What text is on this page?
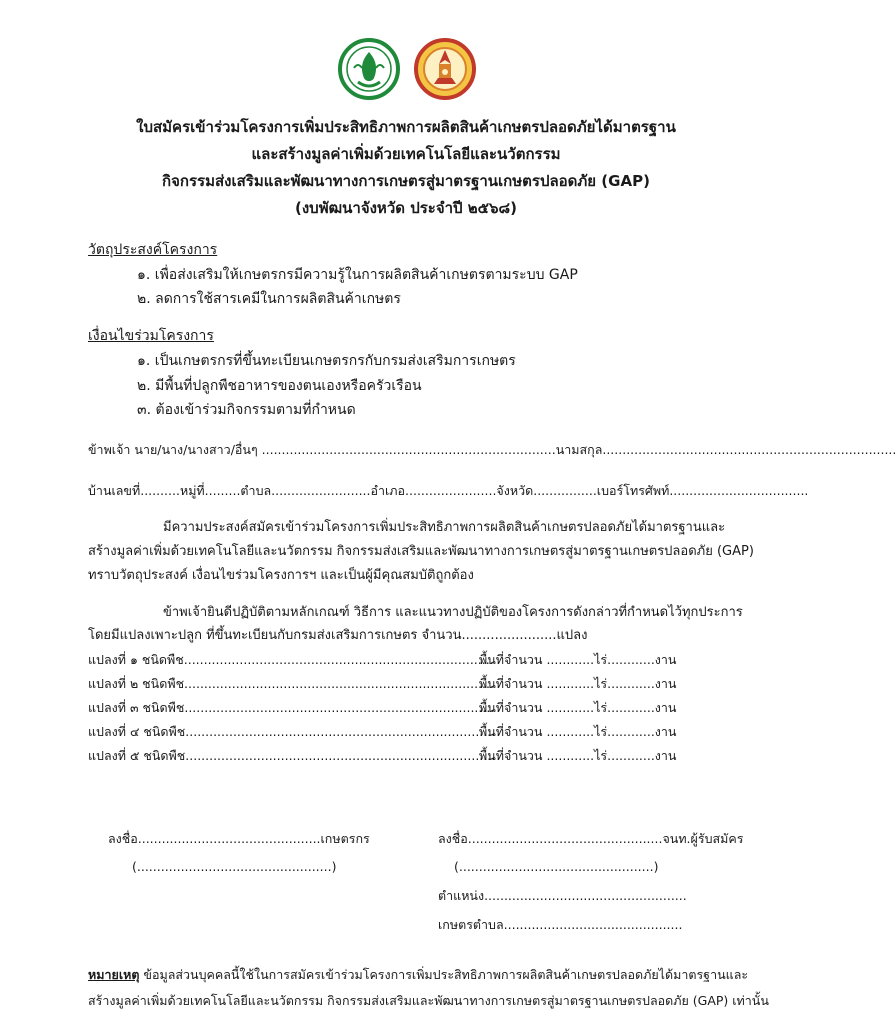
ใบสมัครเข้าร่วมโครงการเพิ่มประสิทธิภาพการผลิตสินค้าเกษตรปลอดภัยได้มาตรฐาน
และสร้างมูลค่าเพิ่มด้วยเทคโนโลยีและนวัตกรรม
กิจกรรมส่งเสริมและพัฒนาทางการเกษตรสู่มาตรฐานเกษตรปลอดภัย (GAP)
(งบพัฒนาจังหวัด ประจำปี ๒๕๖๘)
วัตถุประสงค์โครงการ
๑. เพื่อส่งเสริมให้เกษตรกรมีความรู้ในการผลิตสินค้าเกษตรตามระบบ GAP
๒. ลดการใช้สารเคมีในการผลิตสินค้าเกษตร
เงื่อนไขร่วมโครงการ
๑. เป็นเกษตรกรที่ขึ้นทะเบียนเกษตรกรกับกรมส่งเสริมการเกษตร
๒. มีพื้นที่ปลูกพืชอาหารของตนเองหรือครัวเรือน
๓. ต้องเข้าร่วมกิจกรรมตามที่กำหนด
ข้าพเจ้า นาย/นาง/นางสาว/อื่นๆ ..........................................................................นามสกุล..........................................................................
บ้านเลขที่..........หมู่ที่.........ตำบล.........................อำเภอ.......................จังหวัด................เบอร์โทรศัพท์...................................
มีความประสงค์สมัครเข้าร่วมโครงการเพิ่มประสิทธิภาพการผลิตสินค้าเกษตรปลอดภัยได้มาตรฐานและ
สร้างมูลค่าเพิ่มด้วยเทคโนโลยีและนวัตกรรม กิจกรรมส่งเสริมและพัฒนาทางการเกษตรสู่มาตรฐานเกษตรปลอดภัย (GAP)
ทราบวัตถุประสงค์ เงื่อนไขร่วมโครงการฯ และเป็นผู้มีคุณสมบัติถูกต้อง
ข้าพเจ้ายินดีปฏิบัติตามหลักเกณฑ์ วิธีการ และแนวทางปฏิบัติของโครงการดังกล่าวที่กำหนดไว้ทุกประการ
โดยมีแปลงเพาะปลูก ที่ขึ้นทะเบียนกับกรมส่งเสริมการเกษตร จำนวน.......................แปลง
แปลงที่ ๑ ชนิดพืช..............................................................................
พื้นที่จำนวน ............ไร่............งาน
แปลงที่ ๒ ชนิดพืช..............................................................................
พื้นที่จำนวน ............ไร่............งาน
แปลงที่ ๓ ชนิดพืช..............................................................................
พื้นที่จำนวน ............ไร่............งาน
แปลงที่ ๔ ชนิดพืช..............................................................................
พื้นที่จำนวน ............ไร่............งาน
แปลงที่ ๕ ชนิดพืช..............................................................................
พื้นที่จำนวน ............ไร่............งาน
ลงชื่อ..............................................เกษตรกร
(.................................................)
ลงชื่อ.................................................จนท.ผู้รับสมัคร
(.................................................)
ตำแหน่ง...................................................
เกษตรตำบล.............................................
หมายเหตุ ข้อมูลส่วนบุคคลนี้ใช้ในการสมัครเข้าร่วมโครงการเพิ่มประสิทธิภาพการผลิตสินค้าเกษตรปลอดภัยได้มาตรฐานและ
สร้างมูลค่าเพิ่มด้วยเทคโนโลยีและนวัตกรรม กิจกรรมส่งเสริมและพัฒนาทางการเกษตรสู่มาตรฐานเกษตรปลอดภัย (GAP) เท่านั้น
